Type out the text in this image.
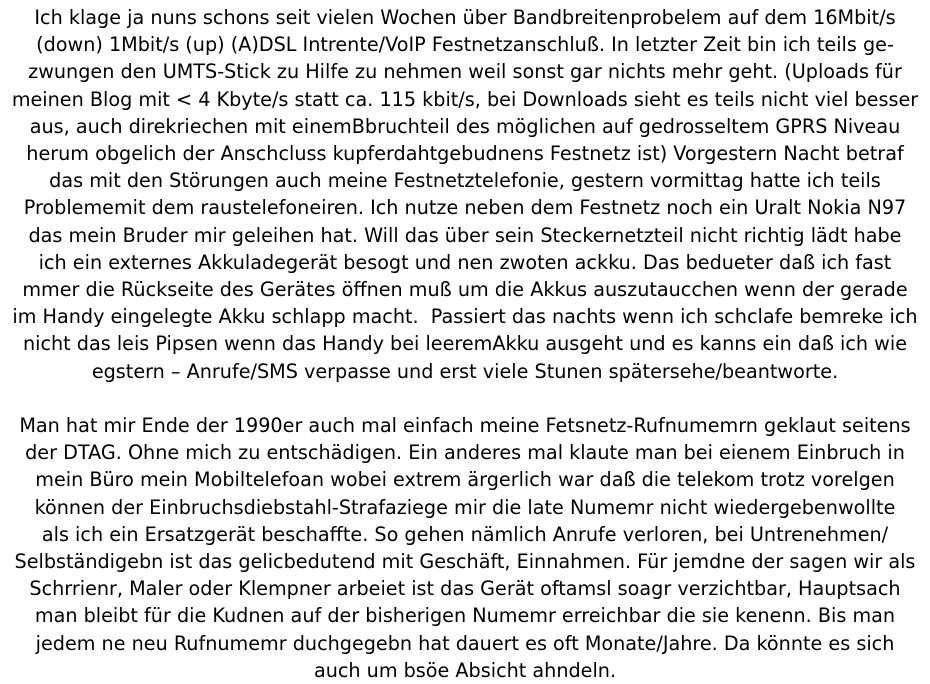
Ich klage ja nuns schons seit vielen Wochen über Bandbreitenprobelem auf dem 16Mbit/s
(down) 1Mbit/s (up) (A)DSL Intrente/VoIP Festnetzanschluß. In letzter Zeit bin ich teils ge-
zwungen den UMTS-Stick zu Hilfe zu nehmen weil sonst gar nichts mehr geht. (Uploads für
meinen Blog mit < 4 Kbyte/s statt ca. 115 kbit/s, bei Downloads sieht es teils nicht viel besser
aus, auch direkriechen mit einemBbruchteil des möglichen auf gedrosseltem GPRS Niveau
herum obgelich der Anschcluss kupferdahtgebudnens Festnetz ist) Vorgestern Nacht betraf
das mit den Störungen auch meine Festnetztelefonie, gestern vormittag hatte ich teils
Problememit dem raustelefoneiren. Ich nutze neben dem Festnetz noch ein Uralt Nokia N97
das mein Bruder mir geleihen hat. Will das über sein Steckernetzteil nicht richtig lädt habe
ich ein externes Akkuladegerät besogt und nen zwoten ackku. Das bedueter daß ich fast
mmer die Rückseite des Gerätes öffnen muß um die Akkus auszutaucchen wenn der gerade
im Handy eingelegte Akku schlapp macht.  Passiert das nachts wenn ich schclafe bemreke ich
nicht das leis Pipsen wenn das Handy bei leeremAkku ausgeht und es kanns ein daß ich wie
egstern – Anrufe/SMS verpasse und erst viele Stunen spätersehe/beantworte.

Man hat mir Ende der 1990er auch mal einfach meine Fetsnetz-Rufnumemrn geklaut seitens
der DTAG. Ohne mich zu entschädigen. Ein anderes mal klaute man bei eienem Einbruch in
mein Büro mein Mobiltelefoan wobei extrem ärgerlich war daß die telekom trotz vorelgen
können der Einbruchsdiebstahl-Strafaziege mir die late Numemr nicht wiedergebenwollte
als ich ein Ersatzgerät beschaffte. So gehen nämlich Anrufe verloren, bei Untrenehmen/
Selbständigebn ist das gelicbedutend mit Geschäft, Einnahmen. Für jemdne der sagen wir als
Schrrienr, Maler oder Klempner arbeiet ist das Gerät oftamsl soagr verzichtbar, Hauptsach
man bleibt für die Kudnen auf der bisherigen Numemr erreichbar die sie kenenn. Bis man
jedem ne neu Rufnumemr duchgegebn hat dauert es oft Monate/Jahre. Da könnte es sich
auch um bsöe Absicht ahndeln.
